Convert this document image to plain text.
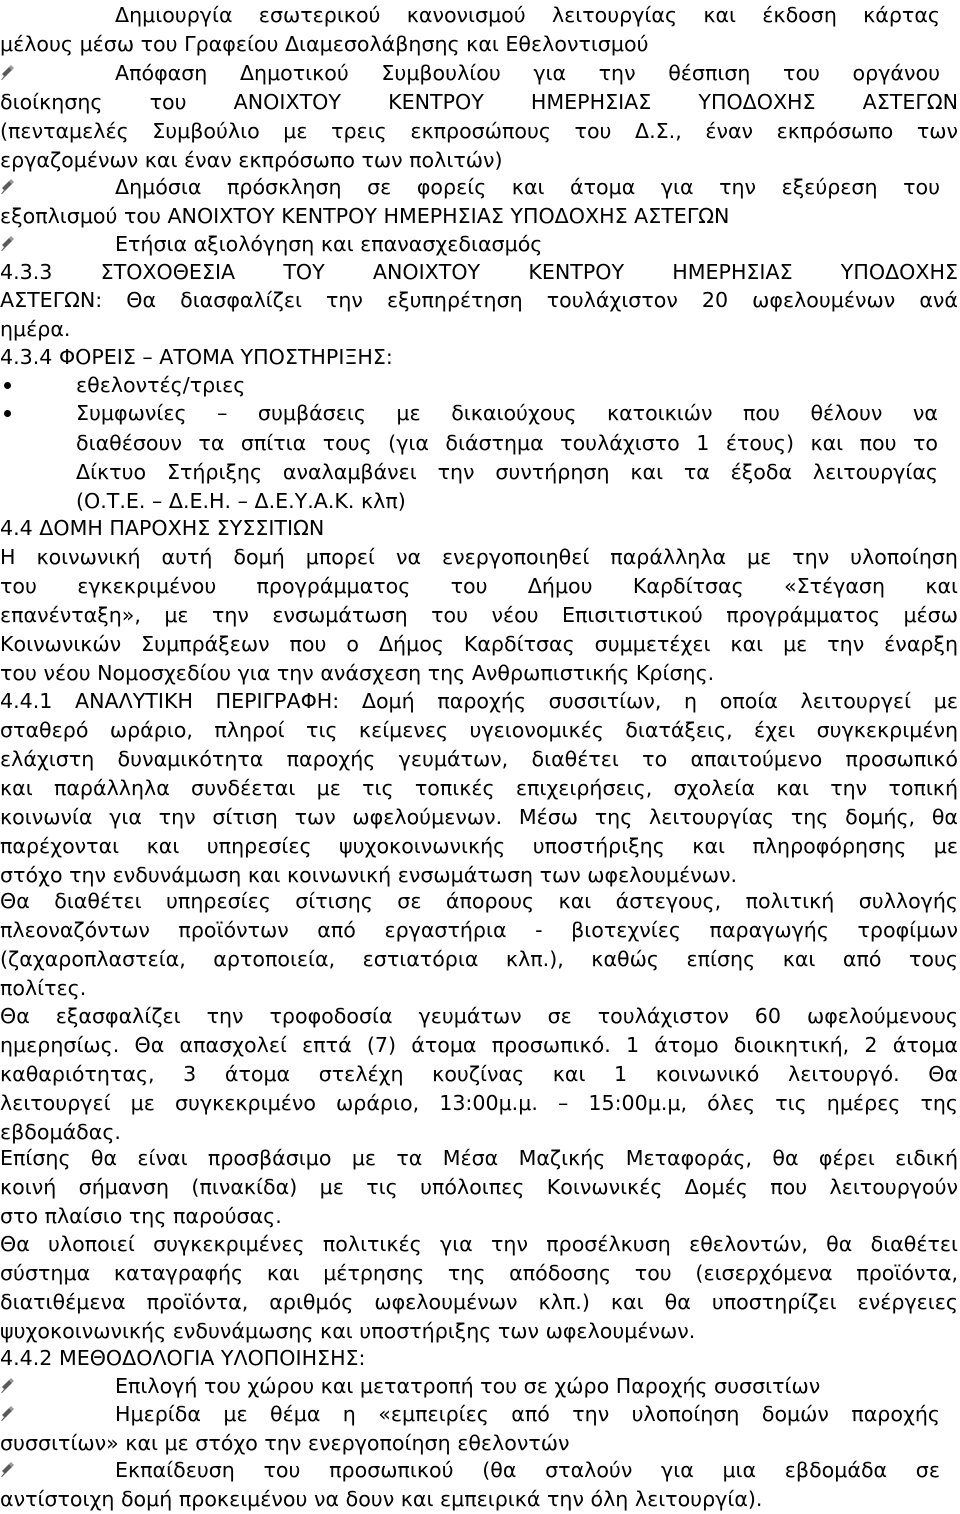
Δημιουργία εσωτερικού κανονισμού λειτουργίας και έκδοση κάρτας
μέλους μέσω του Γραφείου Διαμεσολάβησης και Εθελοντισμού
Απόφαση Δημοτικού Συμβουλίου για την θέσπιση του οργάνου
διοίκησης του ΑΝΟΙΧΤΟΥ ΚΕΝΤΡΟΥ ΗΜΕΡΗΣΙΑΣ ΥΠΟΔΟΧΗΣ ΑΣΤΕΓΩΝ
(πενταμελές Συμβούλιο με τρεις εκπροσώπους του Δ.Σ., έναν εκπρόσωπο των
εργαζομένων και έναν εκπρόσωπο των πολιτών)
Δημόσια πρόσκληση σε φορείς και άτομα για την εξεύρεση του
εξοπλισμού του ΑΝΟΙΧΤΟΥ ΚΕΝΤΡΟΥ ΗΜΕΡΗΣΙΑΣ ΥΠΟΔΟΧΗΣ ΑΣΤΕΓΩΝ
Ετήσια αξιολόγηση και επανασχεδιασμός
4.3.3 ΣΤΟΧΟΘΕΣΙΑ ΤΟΥ ΑΝΟΙΧΤΟΥ ΚΕΝΤΡΟΥ ΗΜΕΡΗΣΙΑΣ ΥΠΟΔΟΧΗΣ
ΑΣΤΕΓΩΝ: Θα διασφαλίζει την εξυπηρέτηση τουλάχιστον 20 ωφελουμένων ανά
ημέρα.
4.3.4 ΦΟΡΕΙΣ – ΑΤΟΜΑ ΥΠΟΣΤΗΡΙΞΗΣ:
εθελοντές/τριες
Συμφωνίες – συμβάσεις με δικαιούχους κατοικιών που θέλουν να
διαθέσουν τα σπίτια τους (για διάστημα τουλάχιστο 1 έτους) και που το
Δίκτυο Στήριξης αναλαμβάνει την συντήρηση και τα έξοδα λειτουργίας
(Ο.Τ.Ε. – Δ.Ε.Η. – Δ.Ε.Υ.Α.Κ. κλπ)
4.4 ΔΟΜΗ ΠΑΡΟΧΗΣ ΣΥΣΣΙΤΙΩΝ
Η κοινωνική αυτή δομή μπορεί να ενεργοποιηθεί παράλληλα με την υλοποίηση
του εγκεκριμένου προγράμματος του Δήμου Καρδίτσας «Στέγαση και
επανένταξη», με την ενσωμάτωση του νέου Επισιτιστικού προγράμματος μέσω
Κοινωνικών Συμπράξεων που ο Δήμος Καρδίτσας συμμετέχει και με την έναρξη
του νέου Νομοσχεδίου για την ανάσχεση της Ανθρωπιστικής Κρίσης.
4.4.1 ΑΝΑΛΥΤΙΚΗ ΠΕΡΙΓΡΑΦΗ: Δομή παροχής συσσιτίων, η οποία λειτουργεί με
σταθερό ωράριο, πληροί τις κείμενες υγειονομικές διατάξεις, έχει συγκεκριμένη
ελάχιστη δυναμικότητα παροχής γευμάτων, διαθέτει το απαιτούμενο προσωπικό
και παράλληλα συνδέεται με τις τοπικές επιχειρήσεις, σχολεία και την τοπική
κοινωνία για την σίτιση των ωφελούμενων. Μέσω της λειτουργίας της δομής, θα
παρέχονται και υπηρεσίες ψυχοκοινωνικής υποστήριξης και πληροφόρησης με
στόχο την ενδυνάμωση και κοινωνική ενσωμάτωση των ωφελουμένων.
Θα διαθέτει υπηρεσίες σίτισης σε άπορους και άστεγους, πολιτική συλλογής
πλεοναζόντων προϊόντων από εργαστήρια - βιοτεχνίες παραγωγής τροφίμων
(ζαχαροπλαστεία, αρτοποιεία, εστιατόρια κλπ.), καθώς επίσης και από τους
πολίτες.
Θα εξασφαλίζει την τροφοδοσία γευμάτων σε τουλάχιστον 60 ωφελούμενους
ημερησίως. Θα απασχολεί επτά (7) άτομα προσωπικό. 1 άτομο διοικητική, 2 άτομα
καθαριότητας, 3 άτομα στελέχη κουζίνας και 1 κοινωνικό λειτουργό. Θα
λειτουργεί με συγκεκριμένο ωράριο, 13:00μ.μ. – 15:00μ.μ, όλες τις ημέρες της
εβδομάδας.
Επίσης θα είναι προσβάσιμο με τα Μέσα Μαζικής Μεταφοράς, θα φέρει ειδική
κοινή σήμανση (πινακίδα) με τις υπόλοιπες Κοινωνικές Δομές που λειτουργούν
στο πλαίσιο της παρούσας.
Θα υλοποιεί συγκεκριμένες πολιτικές για την προσέλκυση εθελοντών, θα διαθέτει
σύστημα καταγραφής και μέτρησης της απόδοσης του (εισερχόμενα προϊόντα,
διατιθέμενα προϊόντα, αριθμός ωφελουμένων κλπ.) και θα υποστηρίζει ενέργειες
ψυχοκοινωνικής ενδυνάμωσης και υποστήριξης των ωφελουμένων.
4.4.2 ΜΕΘΟΔΟΛΟΓΙΑ ΥΛΟΠΟΙΗΣΗΣ:
Επιλογή του χώρου και μετατροπή του σε χώρο Παροχής συσσιτίων
Ημερίδα με θέμα η «εμπειρίες από την υλοποίηση δομών παροχής
συσσιτίων» και με στόχο την ενεργοποίηση εθελοντών
Εκπαίδευση του προσωπικού (θα σταλούν για μια εβδομάδα σε
αντίστοιχη δομή προκειμένου να δουν και εμπειρικά την όλη λειτουργία).
